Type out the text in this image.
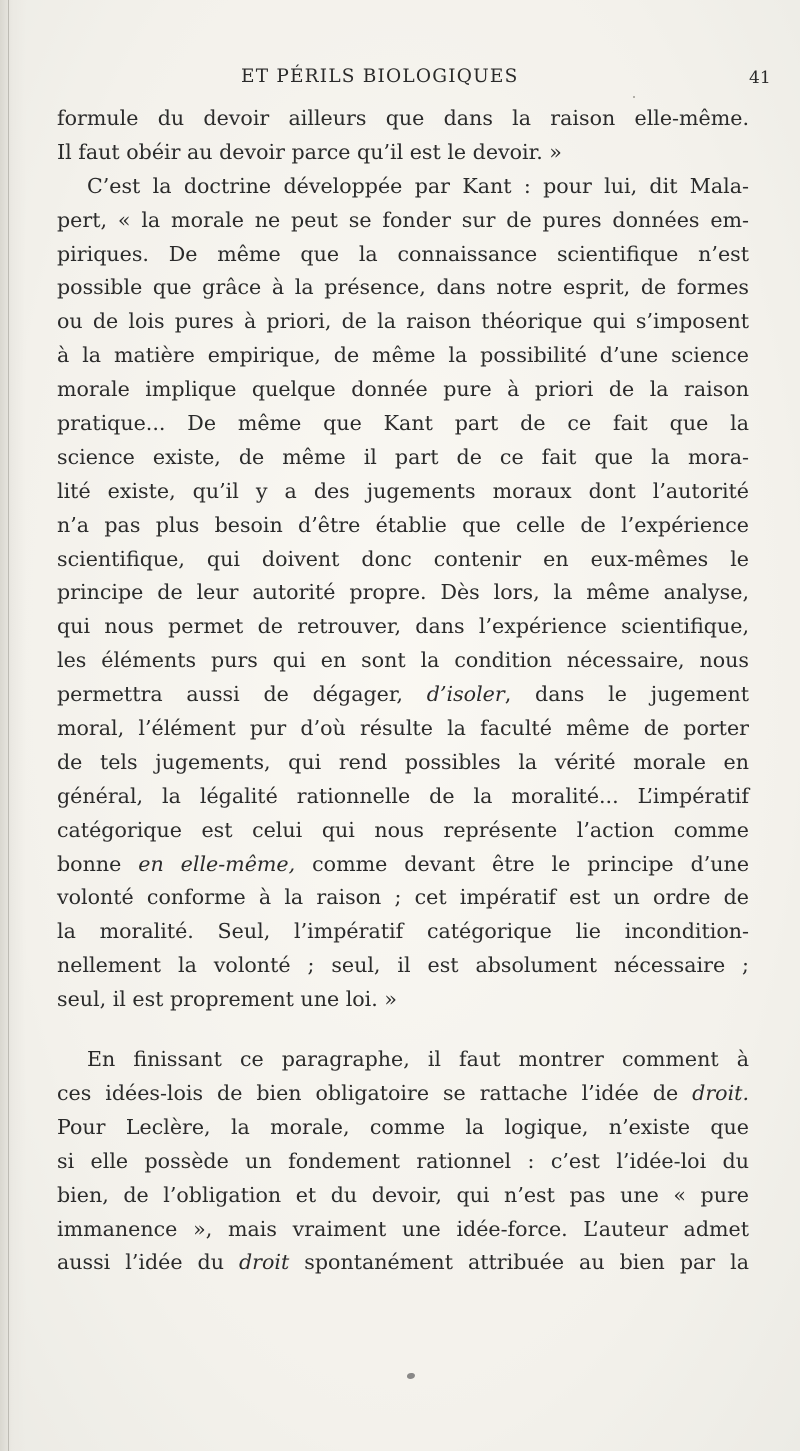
ET PÉRILS BIOLOGIQUES	41
formule du devoir ailleurs que dans la raison elle-même.
Il faut obéir au devoir parce qu’il est le devoir. »
C’est la doctrine développée par Kant : pour lui, dit Mala-
pert, « la morale ne peut se fonder sur de pures données em-
piriques. De même que la connaissance scientifique n’est
possible que grâce à la présence, dans notre esprit, de formes
ou de lois pures à priori, de la raison théorique qui s’imposent
à la matière empirique, de même la possibilité d’une science
morale implique quelque donnée pure à priori de la raison
pratique... De même que Kant part de ce fait que la
science existe, de même il part de ce fait que la mora-
lité existe, qu’il y a des jugements moraux dont l’autorité
n’a pas plus besoin d’être établie que celle de l’expérience
scientifique, qui doivent donc contenir en eux-mêmes le
principe de leur autorité propre. Dès lors, la même analyse,
qui nous permet de retrouver, dans l’expérience scientifique,
les éléments purs qui en sont la condition nécessaire, nous
permettra aussi de dégager, d’isoler, dans le jugement
moral, l’élément pur d’où résulte la faculté même de porter
de tels jugements, qui rend possibles la vérité morale en
général, la légalité rationnelle de la moralité... L’impératif
catégorique est celui qui nous représente l’action comme
bonne en elle-même, comme devant être le principe d’une
volonté conforme à la raison ; cet impératif est un ordre de
la moralité. Seul, l’impératif catégorique lie incondition-
nellement la volonté ; seul, il est absolument nécessaire ;
seul, il est proprement une loi. »
En finissant ce paragraphe, il faut montrer comment à
ces idées-lois de bien obligatoire se rattache l’idée de droit.
Pour Leclère, la morale, comme la logique, n’existe que
si elle possède un fondement rationnel : c’est l’idée-loi du
bien, de l’obligation et du devoir, qui n’est pas une « pure
immanence », mais vraiment une idée-force. L’auteur admet
aussi l’idée du droit spontanément attribuée au bien par la
